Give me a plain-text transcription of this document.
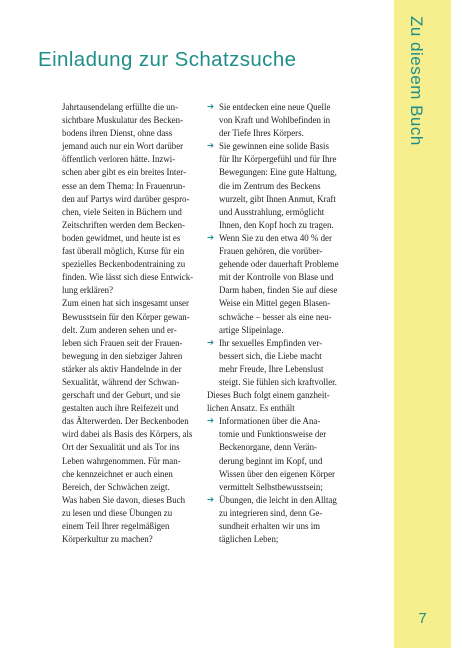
Zu diesem Buch
7
Einladung zur Schatzsuche
Jahrtausendelang erfüllte die un-
sichtbare Muskulatur des Becken-
bodens ihren Dienst, ohne dass
jemand auch nur ein Wort darüber
öffentlich verloren hätte. Inzwi-
schen aber gibt es ein breites Inter-
esse an dem Thema: In Frauenrun-
den auf Partys wird darüber gespro-
chen, viele Seiten in Büchern und
Zeitschriften werden dem Becken-
boden gewidmet, und heute ist es
fast überall möglich, Kurse für ein
spezielles Beckenbodentraining zu
finden. Wie lässt sich diese Entwick-
lung erklären?
Zum einen hat sich insgesamt unser
Bewusstsein für den Körper gewan-
delt. Zum anderen sehen und er-
leben sich Frauen seit der Frauen-
bewegung in den siebziger Jahren
stärker als aktiv Handelnde in der
Sexualität, während der Schwan-
gerschaft und der Geburt, und sie
gestalten auch ihre Reifezeit und
das Älterwerden. Der Beckenboden
wird dabei als Basis des Körpers, als
Ort der Sexualität und als Tor ins
Leben wahrgenommen. Für man-
che kennzeichnet er auch einen
Bereich, der Schwächen zeigt.
Was haben Sie davon, dieses Buch
zu lesen und diese Übungen zu
einem Teil Ihrer regelmäßigen
Körperkultur zu machen?
➔ Sie entdecken eine neue Quelle
von Kraft und Wohlbefinden in
der Tiefe Ihres Körpers.
➔ Sie gewinnen eine solide Basis
für Ihr Körpergefühl und für Ihre
Bewegungen: Eine gute Haltung,
die im Zentrum des Beckens
wurzelt, gibt Ihnen Anmut, Kraft
und Ausstrahlung, ermöglicht
Ihnen, den Kopf hoch zu tragen.
➔ Wenn Sie zu den etwa 40 % der
Frauen gehören, die vorüber-
gehende oder dauerhaft Probleme
mit der Kontrolle von Blase und
Darm haben, finden Sie auf diese
Weise ein Mittel gegen Blasen-
schwäche – besser als eine neu-
artige Slipeinlage.
➔ Ihr sexuelles Empfinden ver-
bessert sich, die Liebe macht
mehr Freude, Ihre Lebenslust
steigt. Sie fühlen sich kraftvoller.
Dieses Buch folgt einem ganzheit-
lichen Ansatz. Es enthält
➔ Informationen über die Ana-
tomie und Funktionsweise der
Beckenorgane, denn Verän-
derung beginnt im Kopf, und
Wissen über den eigenen Körper
vermittelt Selbstbewusstsein;
➔ Übungen, die leicht in den Alltag
zu integrieren sind, denn Ge-
sundheit erhalten wir uns im
täglichen Leben;
